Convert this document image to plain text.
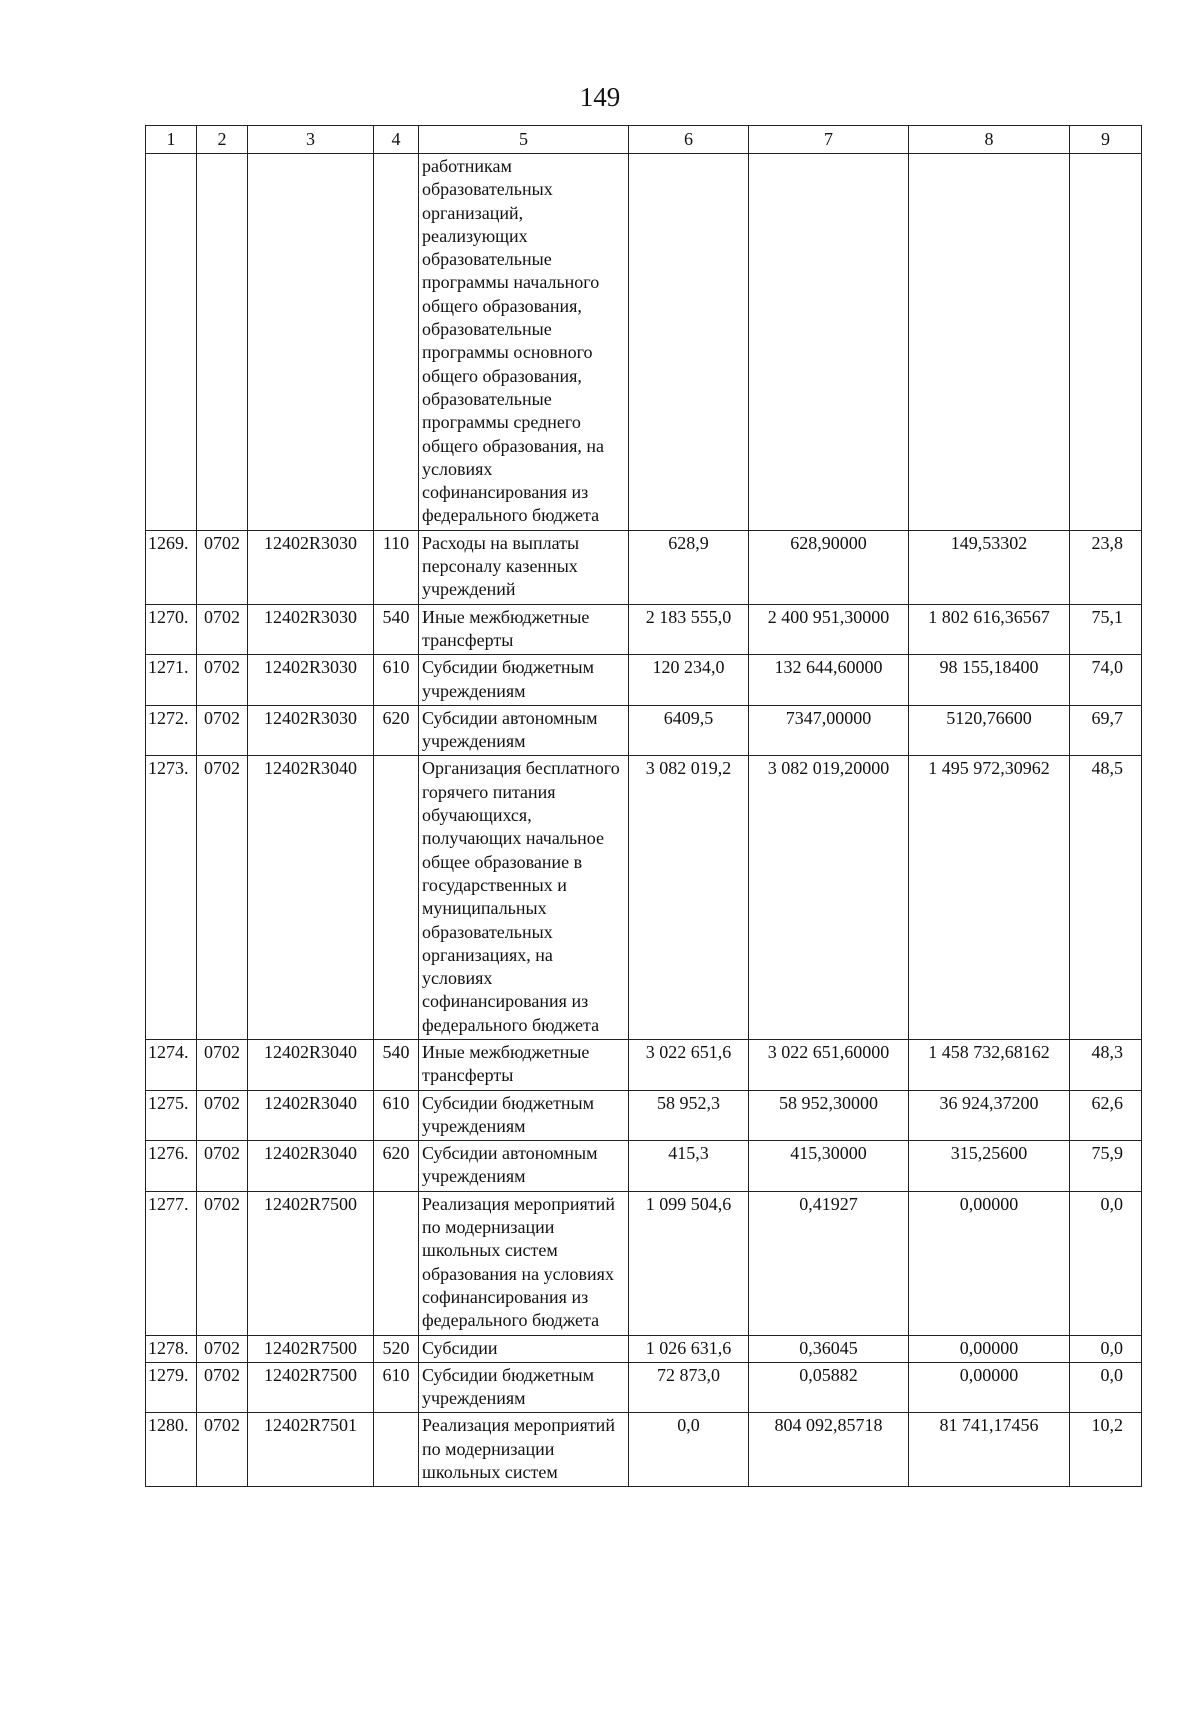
149
1	2	3	4	5	6	7	8	9
				работникам образовательных организаций, реализующих образовательные программы начального общего образования, образовательные программы основного общего образования, образовательные программы среднего общего образования, на условиях софинансирования из федерального бюджета				
1269.	0702	12402R3030	110	Расходы на выплаты персоналу казенных учреждений	628,9	628,90000	149,53302	23,8
1270.	0702	12402R3030	540	Иные межбюджетные трансферты	2 183 555,0	2 400 951,30000	1 802 616,36567	75,1
1271.	0702	12402R3030	610	Субсидии бюджетным учреждениям	120 234,0	132 644,60000	98 155,18400	74,0
1272.	0702	12402R3030	620	Субсидии автономным учреждениям	6409,5	7347,00000	5120,76600	69,7
1273.	0702	12402R3040		Организация бесплатного горячего питания обучающихся, получающих начальное общее образование в государственных и муниципальных образовательных организациях, на условиях софинансирования из федерального бюджета	3 082 019,2	3 082 019,20000	1 495 972,30962	48,5
1274.	0702	12402R3040	540	Иные межбюджетные трансферты	3 022 651,6	3 022 651,60000	1 458 732,68162	48,3
1275.	0702	12402R3040	610	Субсидии бюджетным учреждениям	58 952,3	58 952,30000	36 924,37200	62,6
1276.	0702	12402R3040	620	Субсидии автономным учреждениям	415,3	415,30000	315,25600	75,9
1277.	0702	12402R7500		Реализация мероприятий по модернизации школьных систем образования на условиях софинансирования из федерального бюджета	1 099 504,6	0,41927	0,00000	0,0
1278.	0702	12402R7500	520	Субсидии	1 026 631,6	0,36045	0,00000	0,0
1279.	0702	12402R7500	610	Субсидии бюджетным учреждениям	72 873,0	0,05882	0,00000	0,0
1280.	0702	12402R7501		Реализация мероприятий по модернизации школьных систем	0,0	804 092,85718	81 741,17456	10,2
